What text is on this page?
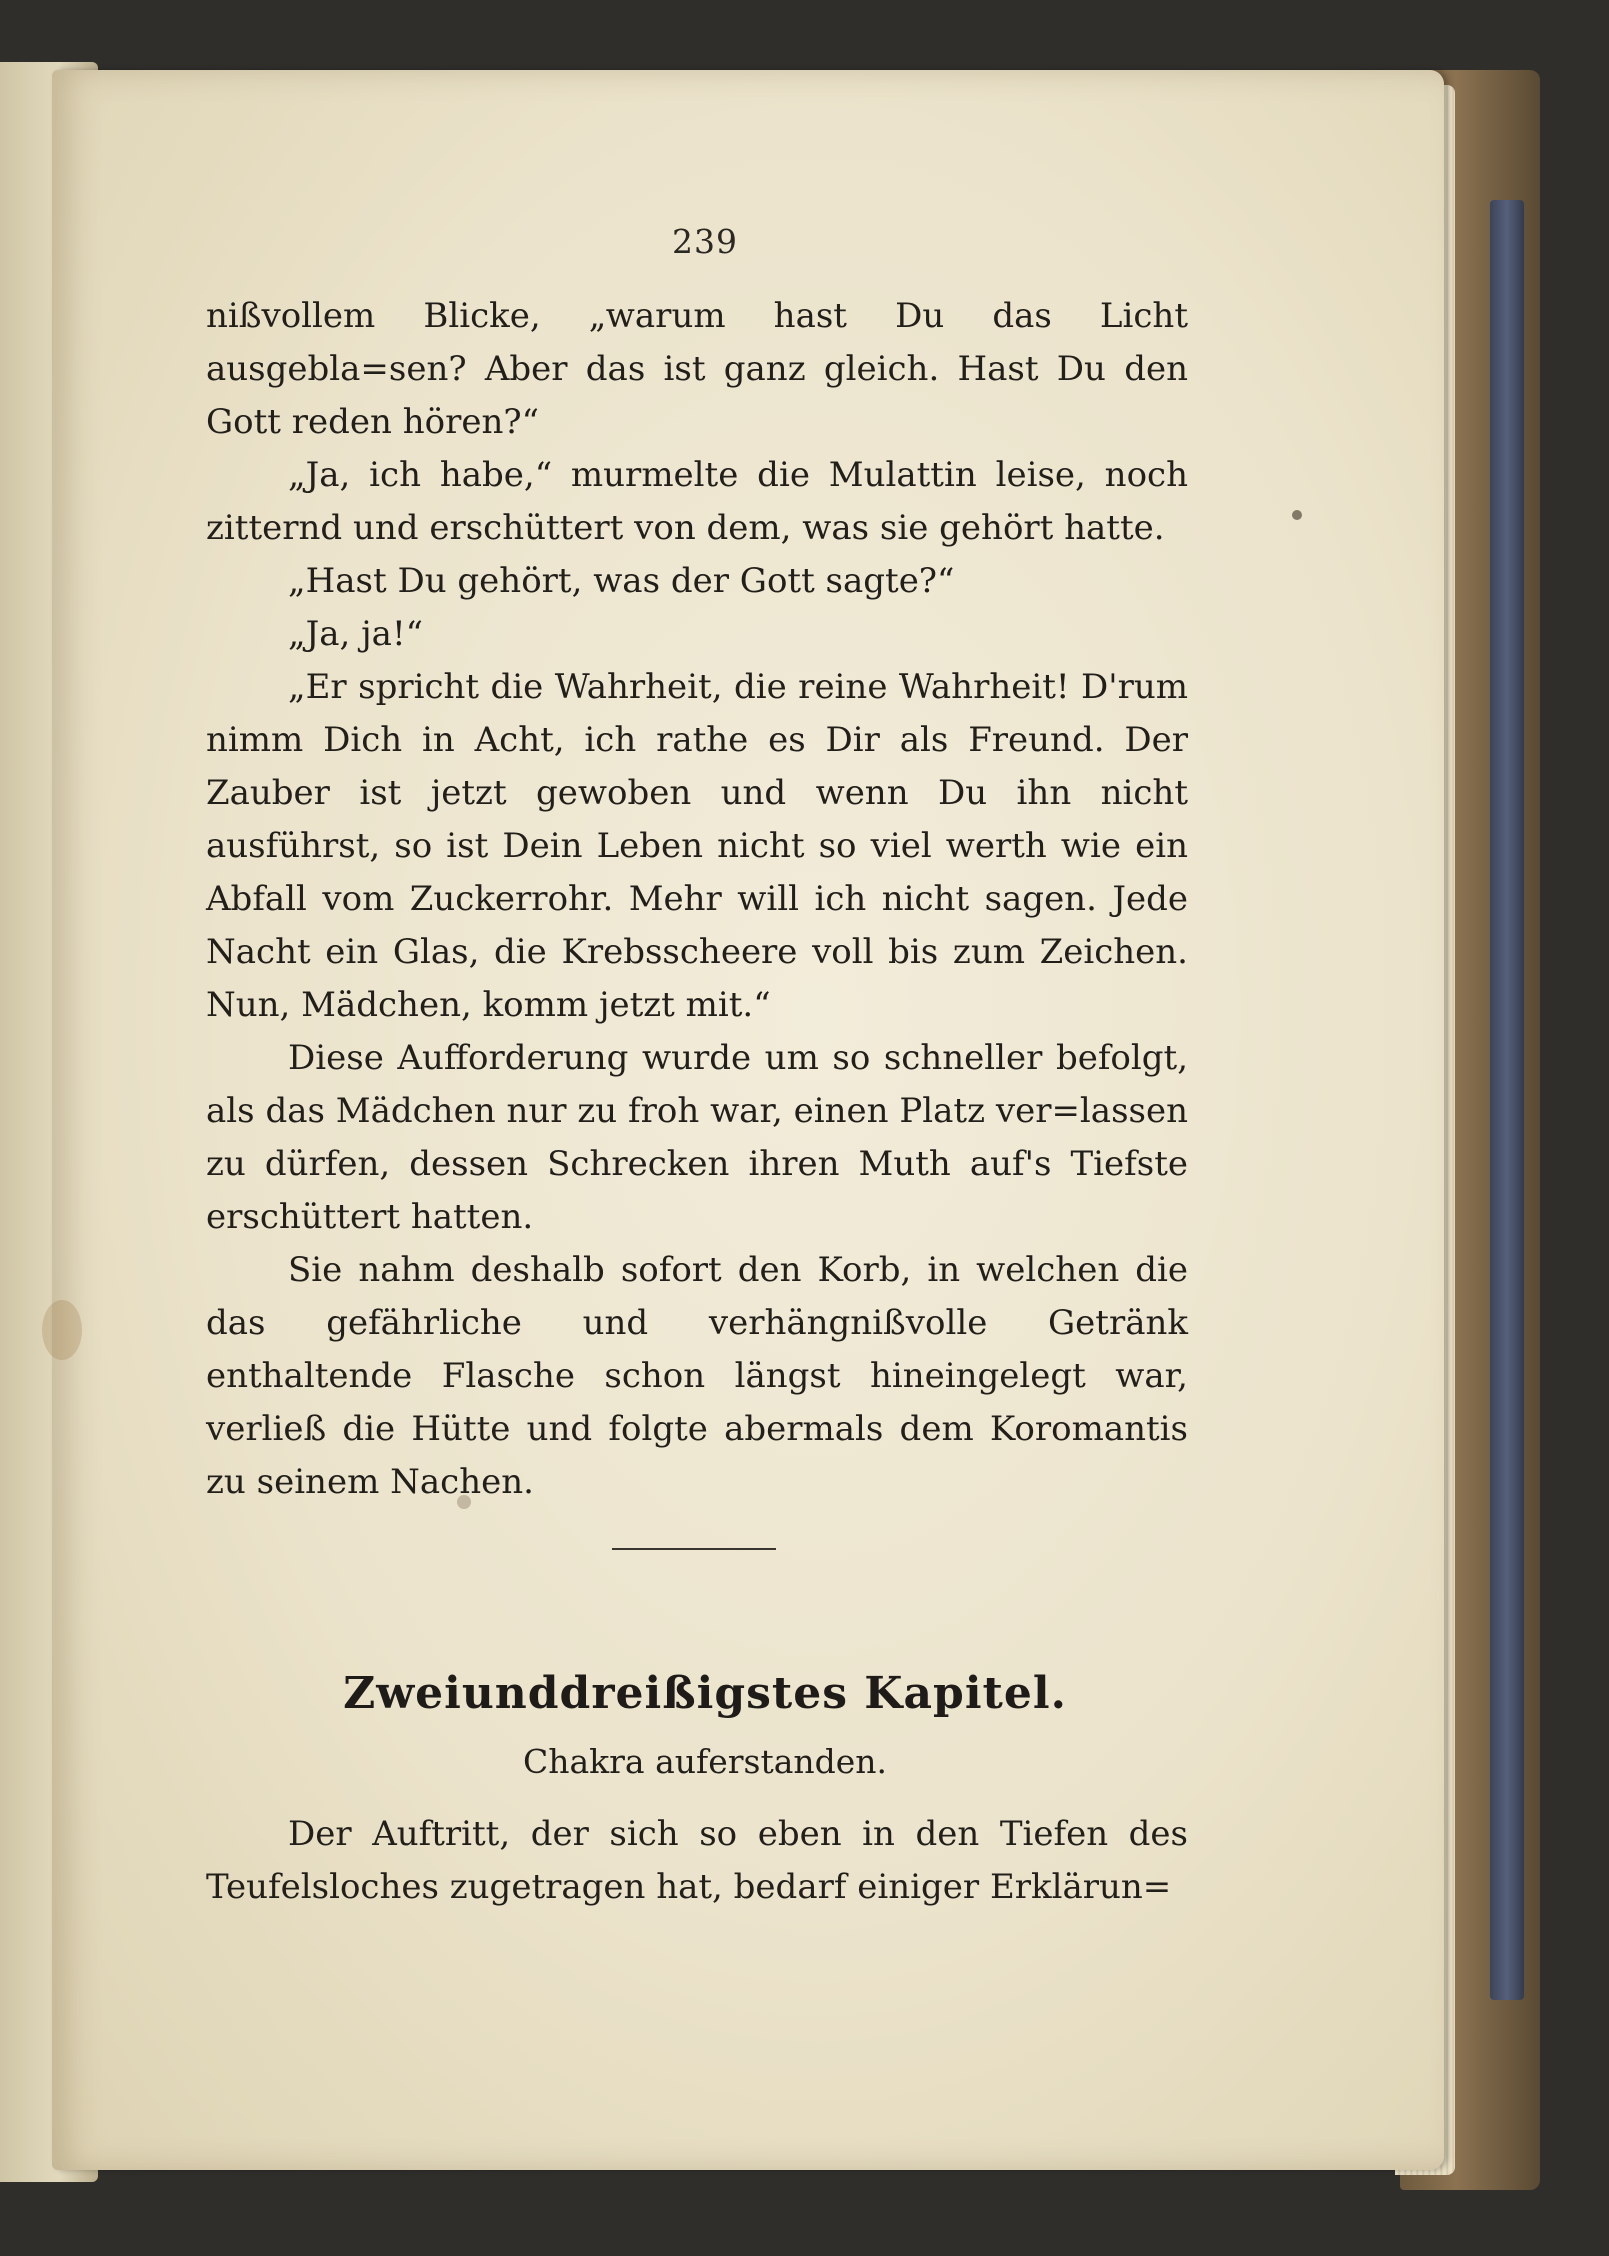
239

nißvollem Blicke, „warum hast Du das Licht ausgebla=sen? Aber das ist ganz gleich. Hast Du den Gott reden hören?“

„Ja, ich habe,“ murmelte die Mulattin leise, noch zitternd und erschüttert von dem, was sie gehört hatte.

„Hast Du gehört, was der Gott sagte?“

„Ja, ja!“

„Er spricht die Wahrheit, die reine Wahrheit! D'rum nimm Dich in Acht, ich rathe es Dir als Freund. Der Zauber ist jetzt gewoben und wenn Du ihn nicht ausführst, so ist Dein Leben nicht so viel werth wie ein Abfall vom Zuckerrohr. Mehr will ich nicht sagen. Jede Nacht ein Glas, die Krebsscheere voll bis zum Zeichen. Nun, Mädchen, komm jetzt mit.“

Diese Aufforderung wurde um so schneller befolgt, als das Mädchen nur zu froh war, einen Platz ver=lassen zu dürfen, dessen Schrecken ihren Muth auf's Tiefste erschüttert hatten.

Sie nahm deshalb sofort den Korb, in welchen die das gefährliche und verhängnißvolle Getränk enthaltende Flasche schon längst hineingelegt war, verließ die Hütte und folgte abermals dem Koromantis zu seinem Nachen.

Zweiunddreißigstes Kapitel.
Chakra auferstanden.

Der Auftritt, der sich so eben in den Tiefen des Teufelsloches zugetragen hat, bedarf einiger Erklärun=
